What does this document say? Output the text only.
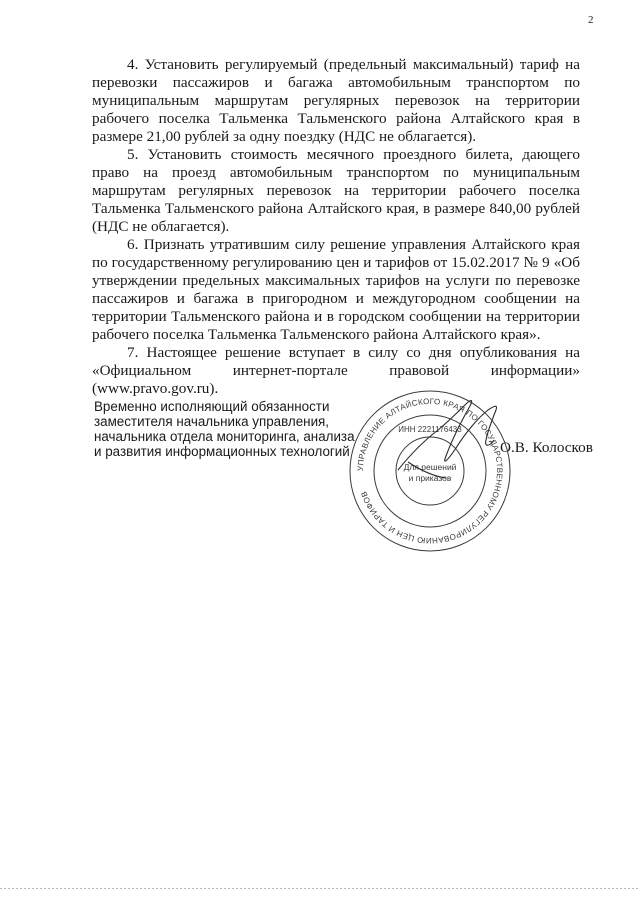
2

4. Установить регулируемый (предельный максимальный) тариф на перевозки пассажиров и багажа автомобильным транспортом по муниципальным маршрутам регулярных перевозок на территории рабочего поселка Тальменка Тальменского района Алтайского края в размере 21,00 рублей за одну поездку (НДС не облагается).

5. Установить стоимость месячного проездного билета, дающего право на проезд автомобильным транспортом по муниципальным маршрутам регулярных перевозок на территории рабочего поселка Тальменка Тальменского района Алтайского края, в размере 840,00 рублей (НДС не облагается).

6. Признать утратившим силу решение управления Алтайского края по государственному регулированию цен и тарифов от 15.02.2017 № 9 «Об утверждении предельных максимальных тарифов на услуги по перевозке пассажиров и багажа в пригородном и междугородном сообщении на территории Тальменского района и в городском сообщении на территории рабочего поселка Тальменка Тальменского района Алтайского края».

7. Настоящее решение вступает в силу со дня опубликования на «Официальном интернет-портале правовой информации» (www.pravo.gov.ru).

Временно исполняющий обязанности
заместителя начальника управления,
начальника отдела мониторинга, анализа
и развития информационных технологий
УПРАВЛЕНИЕ АЛТАЙСКОГО КРАЯ ПО ГОСУДАРСТВЕННОМУ РЕГУЛИРОВАНИЮ ЦЕН И ТАРИФОВ
ИНН 2221176433
Для решений
и приказов
О.В. Колосков
